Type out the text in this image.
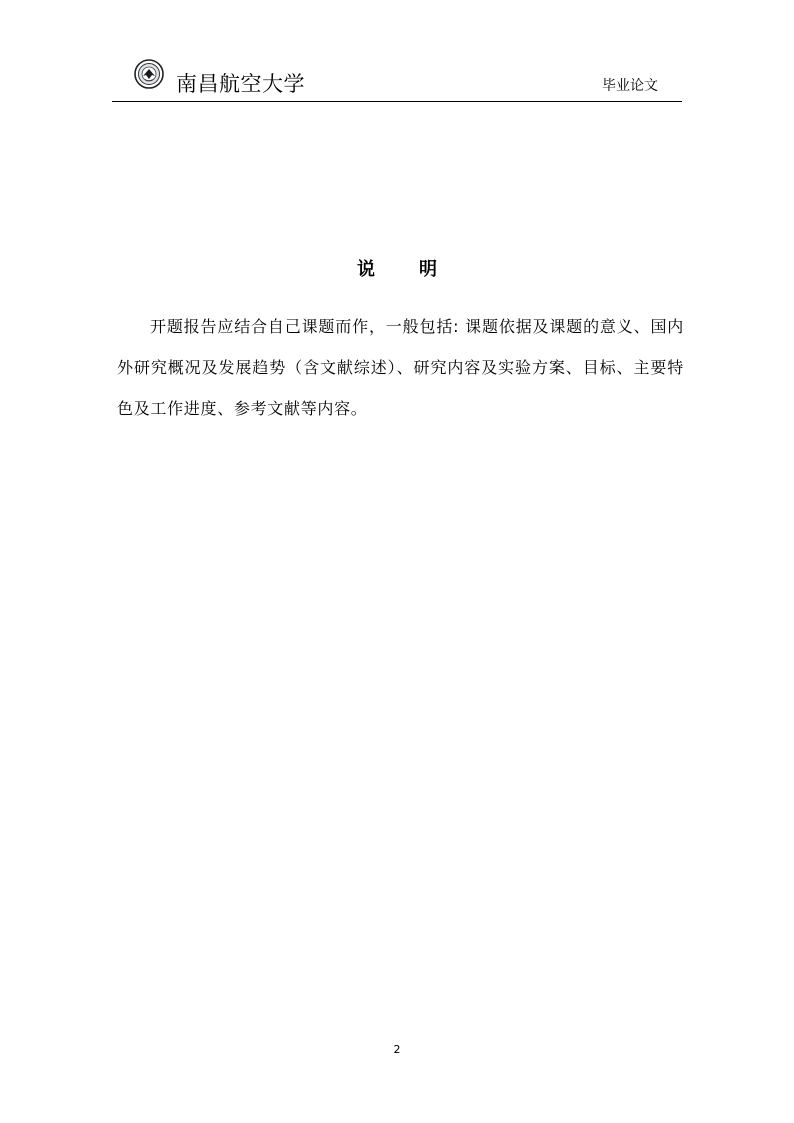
南昌航空大学	毕业论文
说 明
开题报告应结合自己课题而作，一般包括: 课题依据及课题的意义、国内外研究概况及发展趋势（含文献综述）、研究内容及实验方案、目标、主要特色及工作进度、参考文献等内容。
2
